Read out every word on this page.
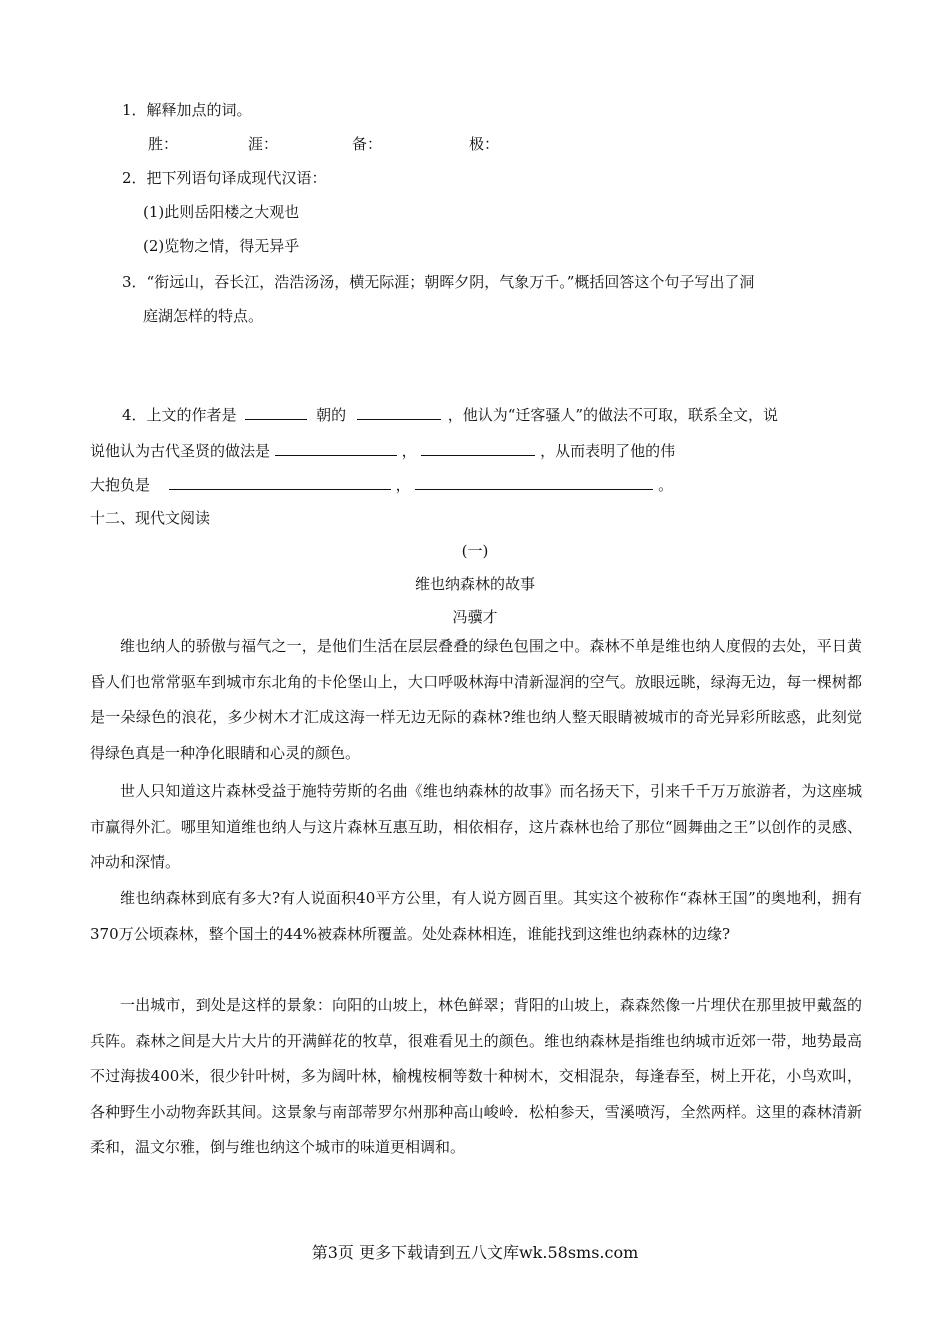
1．解释加点的词。
胜：	涯：	备：	极：
2．把下列语句译成现代汉语：
(1)此则岳阳楼之大观也
(2)览物之情，得无异乎
3．“衔远山，吞长江，浩浩汤汤，横无际涯；朝晖夕阴，气象万千。”概括回答这个句子写出了洞
庭湖怎样的特点。
4．上文的作者是	朝的	，他认为“迁客骚人”的做法不可取，联系全文，说
说他认为古代圣贤的做法是	，	，从而表明了他的伟
大抱负是	，	。
十二、现代文阅读
(一)
维也纳森林的故事
冯骥才
维也纳人的骄傲与福气之一，是他们生活在层层叠叠的绿色包围之中。森林不单是维也纳人度假的去处，平日黄昏人们也常常驱车到城市东北角的卡伦堡山上，大口呼吸林海中清新湿润的空气。放眼远眺，绿海无边，每一棵树都是一朵绿色的浪花，多少树木才汇成这海一样无边无际的森林?维也纳人整天眼睛被城市的奇光异彩所眩惑，此刻觉得绿色真是一种净化眼睛和心灵的颜色。
世人只知道这片森林受益于施特劳斯的名曲《维也纳森林的故事》而名扬天下，引来千千万万旅游者，为这座城市赢得外汇。哪里知道维也纳人与这片森林互惠互助，相依相存，这片森林也给了那位“圆舞曲之王”以创作的灵感、冲动和深情。
维也纳森林到底有多大?有人说面积40平方公里，有人说方圆百里。其实这个被称作“森林王国”的奥地利，拥有370万公顷森林，整个国土的44%被森林所覆盖。处处森林相连，谁能找到这维也纳森林的边缘?
一出城市，到处是这样的景象：向阳的山坡上，林色鲜翠；背阳的山坡上，森森然像一片埋伏在那里披甲戴盔的兵阵。森林之间是大片大片的开满鲜花的牧草，很难看见土的颜色。维也纳森林是指维也纳城市近郊一带，地势最高不过海拔400米，很少针叶树，多为阔叶林，榆槐桉桐等数十种树木，交相混杂，每逢春至，树上开花，小鸟欢叫，各种野生小动物奔跃其间。这景象与南部蒂罗尔州那种高山峻岭．松柏参天，雪溪喷泻，全然两样。这里的森林清新柔和，温文尔雅，倒与维也纳这个城市的味道更相调和。
第3页 更多下载请到五八文库wk.58sms.com
